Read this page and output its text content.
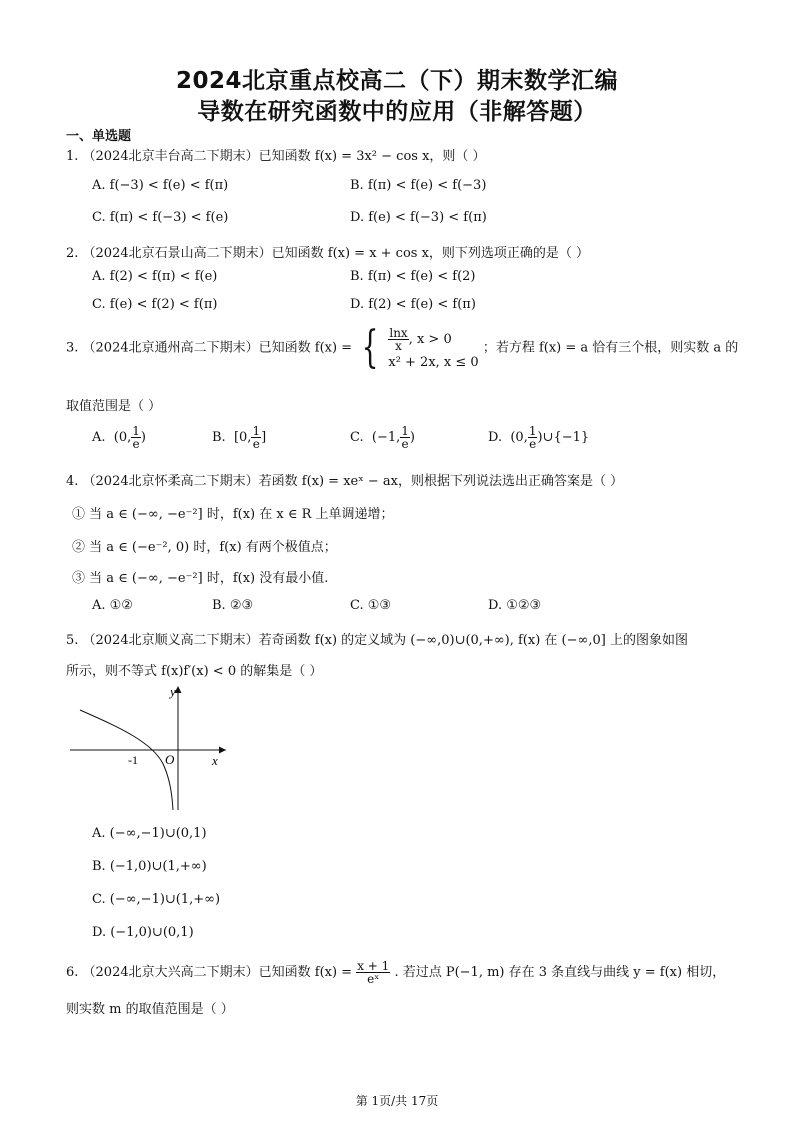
2024北京重点校高二（下）期末数学汇编
导数在研究函数中的应用（非解答题）
一、单选题
1. （2024北京丰台高二下期末）已知函数 f(x) = 3x² − cos x，则（ ）
A. f(−3) < f(e) < f(π)	B. f(π) < f(e) < f(−3)
C. f(π) < f(−3) < f(e)	D. f(e) < f(−3) < f(π)
2. （2024北京石景山高二下期末）已知函数 f(x) = x + cos x，则下列选项正确的是（ ）
A. f(2) < f(π) < f(e)	B. f(π) < f(e) < f(2)
C. f(e) < f(2) < f(π)	D. f(2) < f(e) < f(π)
3. （2024北京通州高二下期末）已知函数 f(x) = { $\frac{\ln x}{x}$ , x > 0
x² + 2x, x ≤ 0
；若方程 f(x) = a 恰有三个根，则实数 a 的
取值范围是（ ）
A. (0, $\frac{1}{e}$ )	B. [0, $\frac{1}{e}$ ]	C. (−1, $\frac{1}{e}$ )	D. (0, $\frac{1}{e}$ )∪{−1}
4. （2024北京怀柔高二下期末）若函数 f(x) = xeˣ − ax，则根据下列说法选出正确答案是（ ）
① 当 a ∈ (−∞, −e⁻²] 时，f(x) 在 x ∈ R 上单调递增；
② 当 a ∈ (−e⁻², 0) 时，f(x) 有两个极值点；
③ 当 a ∈ (−∞, −e⁻²] 时，f(x) 没有最小值.
A. ①②	B. ②③	C. ①③	D. ①②③
5. （2024北京顺义高二下期末）若奇函数 f(x) 的定义域为 (−∞,0)∪(0,+∞), f(x) 在 (−∞,0] 上的图象如图
所示，则不等式 f(x)f′(x) < 0 的解集是（ ）
y
x
O
-1
A. (−∞,−1)∪(0,1)
B. (−1,0)∪(1,+∞)
C. (−∞,−1)∪(1,+∞)
D. (−1,0)∪(0,1)
6. （2024北京大兴高二下期末）已知函数 $f(x) = \frac{x + 1}{\text{eˣ}}$ . 若过点 P(−1, m) 存在 3 条直线与曲线 y = f(x) 相切，
则实数 m 的取值范围是（ ）
第 1页/共 17页
